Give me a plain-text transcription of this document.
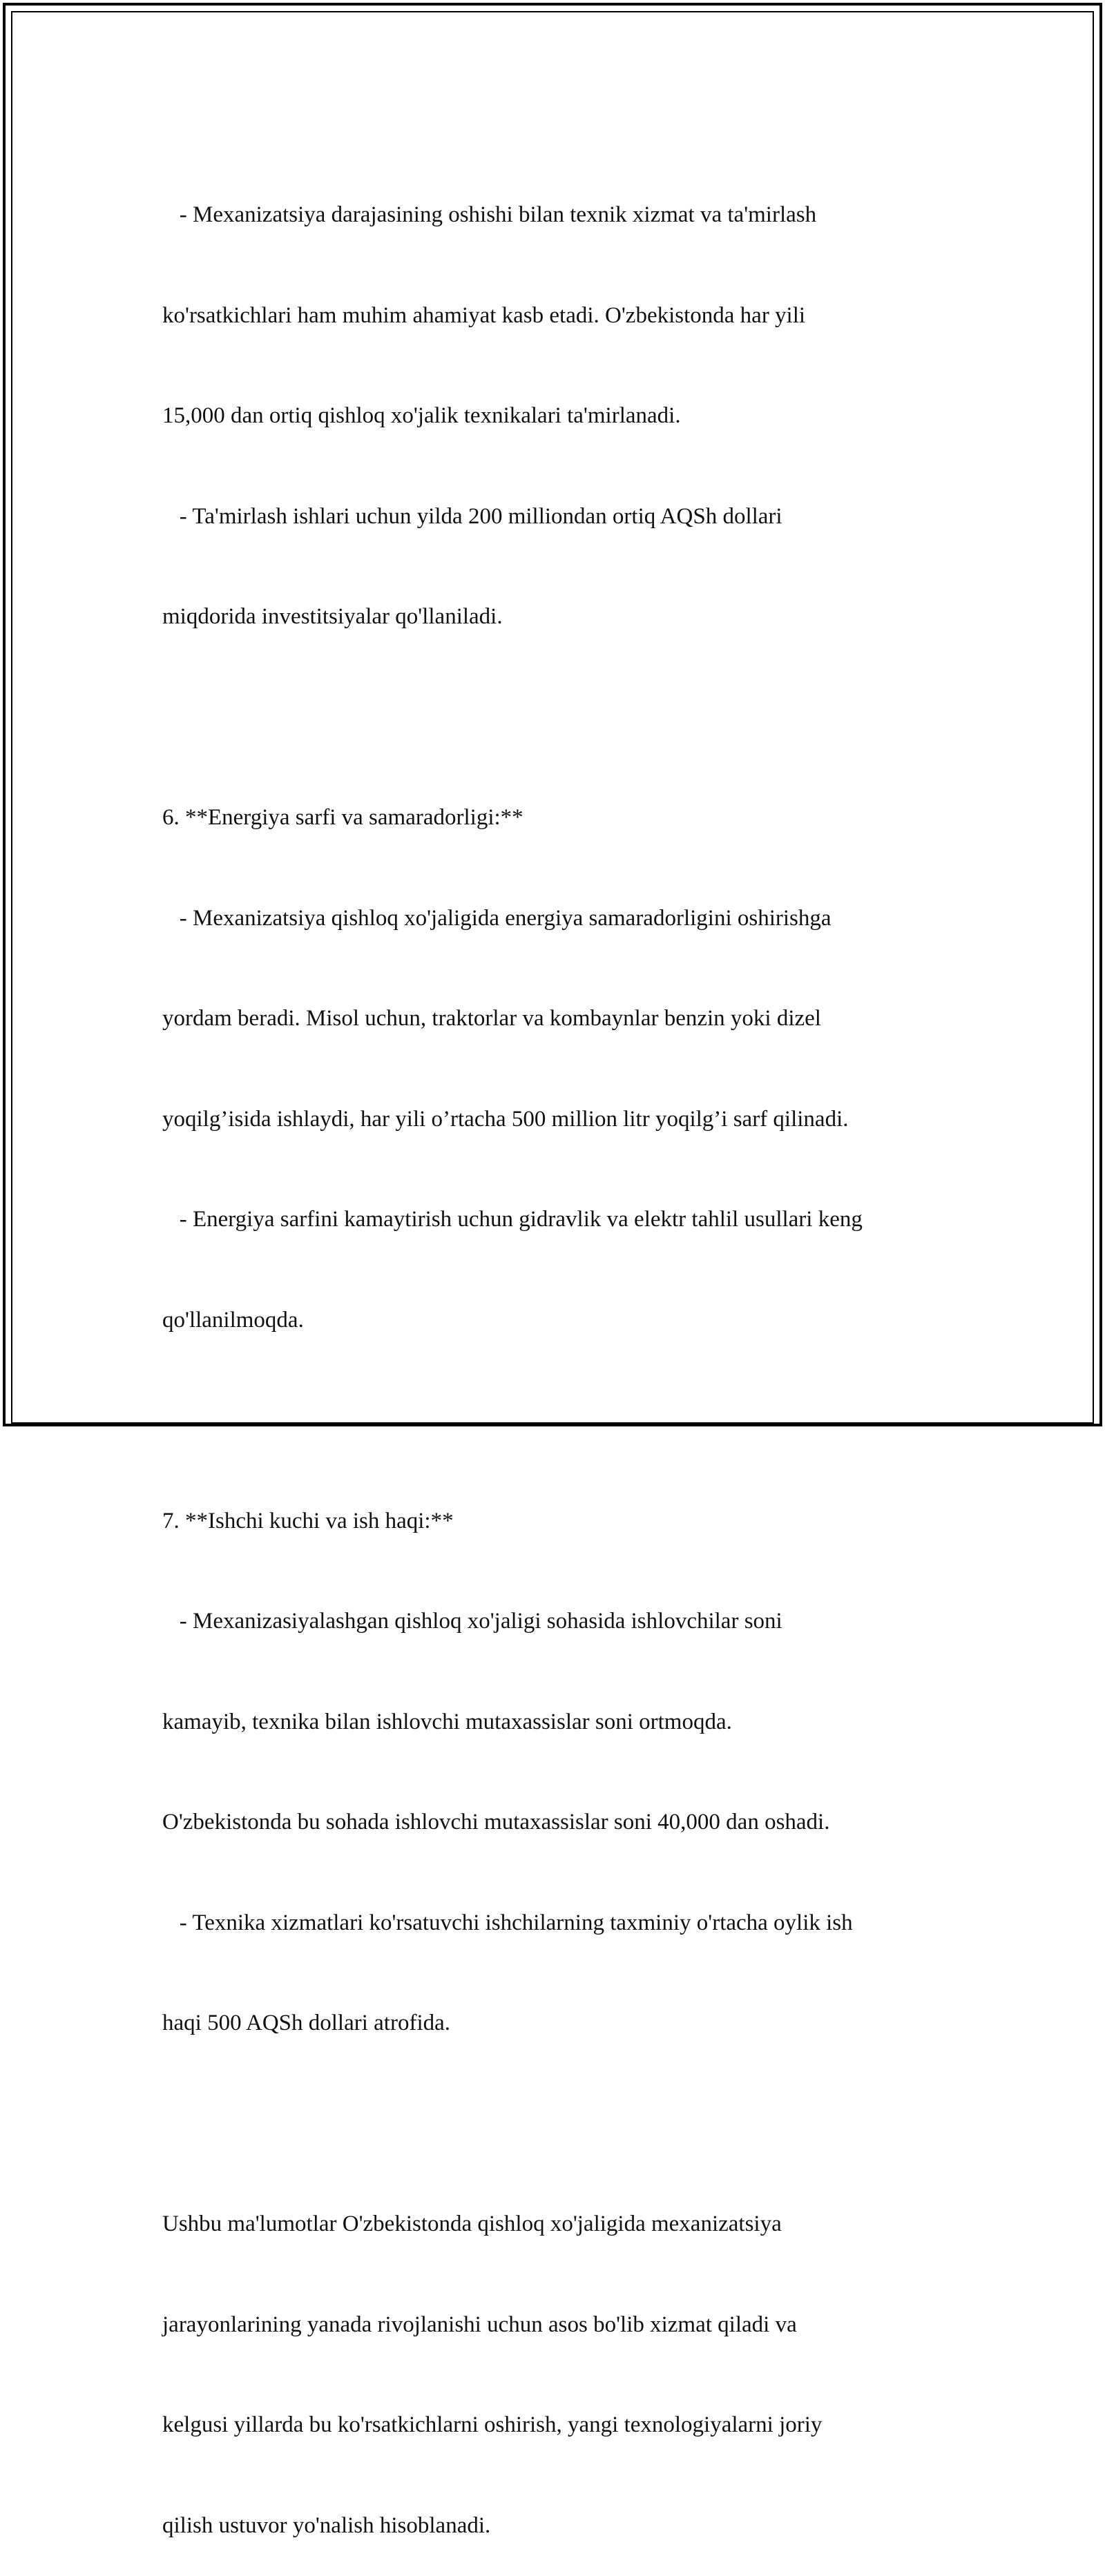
- Mexanizatsiya darajasining oshishi bilan texnik xizmat va ta'mirlash

ko'rsatkichlari ham muhim ahamiyat kasb etadi. O'zbekistonda har yili

15,000 dan ortiq qishloq xo'jalik texnikalari ta'mirlanadi.

- Ta'mirlash ishlari uchun yilda 200 milliondan ortiq AQSh dollari

miqdorida investitsiyalar qo'llaniladi.

6. **Energiya sarfi va samaradorligi:**

- Mexanizatsiya qishloq xo'jaligida energiya samaradorligini oshirishga

yordam beradi. Misol uchun, traktorlar va kombaynlar benzin yoki dizel

yoqilg’isida ishlaydi, har yili o’rtacha 500 million litr yoqilg’i sarf qilinadi.

- Energiya sarfini kamaytirish uchun gidravlik va elektr tahlil usullari keng

qo'llanilmoqda.

7. **Ishchi kuchi va ish haqi:**

- Mexanizasiyalashgan qishloq xo'jaligi sohasida ishlovchilar soni

kamayib, texnika bilan ishlovchi mutaxassislar soni ortmoqda.

O'zbekistonda bu sohada ishlovchi mutaxassislar soni 40,000 dan oshadi.

- Texnika xizmatlari ko'rsatuvchi ishchilarning taxminiy o'rtacha oylik ish

haqi 500 AQSh dollari atrofida.

Ushbu ma'lumotlar O'zbekistonda qishloq xo'jaligida mexanizatsiya

jarayonlarining yanada rivojlanishi uchun asos bo'lib xizmat qiladi va

kelgusi yillarda bu ko'rsatkichlarni oshirish, yangi texnologiyalarni joriy

qilish ustuvor yo'nalish hisoblanadi.
